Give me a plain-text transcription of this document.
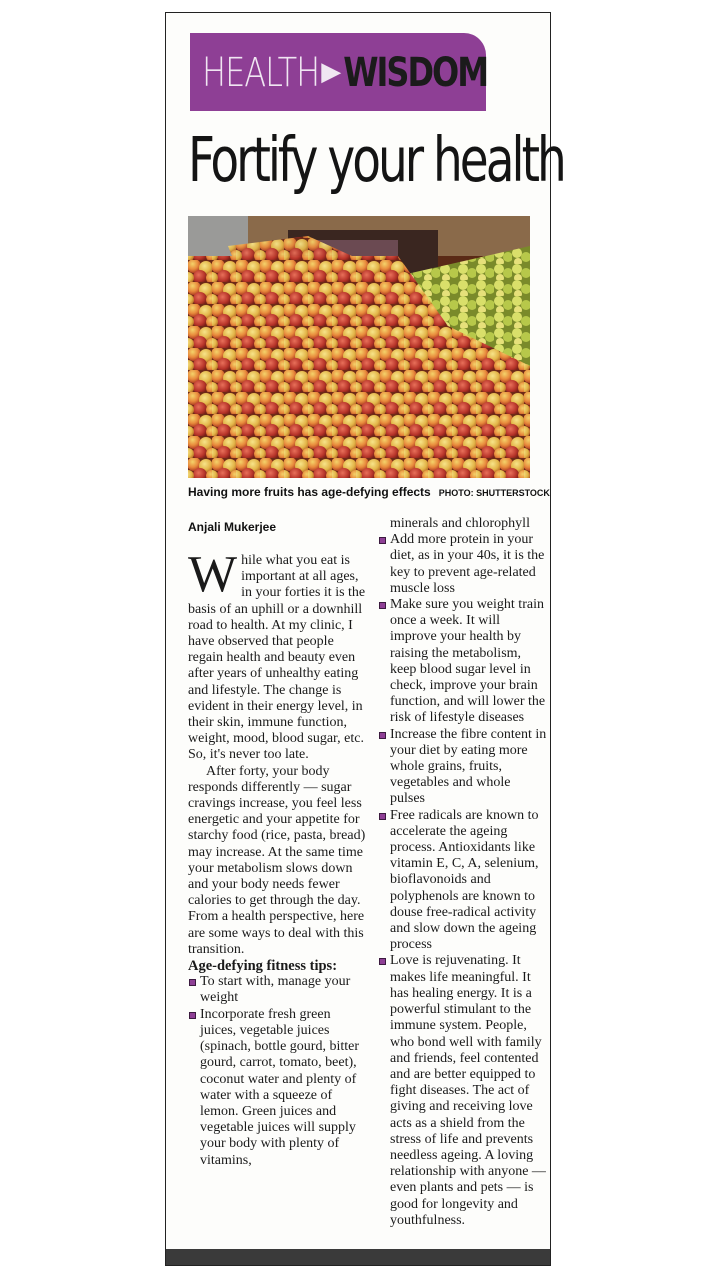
HEALTH ▶ WISDOM
Fortify your health
Having more fruits has age-defying effects PHOTO: SHUTTERSTOCK
Anjali Mukerjee

While what you eat is important at all ages, in your forties it is the basis of an uphill or a downhill road to health. At my clinic, I have observed that people regain health and beauty even after years of unhealthy eating and lifestyle. The change is evident in their energy level, in their skin, immune function, weight, mood, blood sugar, etc. So, it's never too late.

After forty, your body responds differently — sugar cravings increase, you feel less energetic and your appetite for starchy food (rice, pasta, bread) may increase. At the same time your metabolism slows down and your body needs fewer calories to get through the day. From a health perspective, here are some ways to deal with this transition.

Age-defying fitness tips:
To start with, manage your weight
Incorporate fresh green juices, vegetable juices (spinach, bottle gourd, bitter gourd, carrot, tomato, beet), coconut water and plenty of water with a squeeze of lemon. Green juices and vegetable juices will supply your body with plenty of vitamins,

minerals and chlorophyll

Add more protein in your diet, as in your 40s, it is the key to prevent age-related muscle loss
Make sure you weight train once a week. It will improve your health by raising the metabolism, keep blood sugar level in check, improve your brain function, and will lower the risk of lifestyle diseases
Increase the fibre content in your diet by eating more whole grains, fruits, vegetables and whole pulses
Free radicals are known to accelerate the ageing process. Antioxidants like vitamin E, C, A, selenium, bioflavonoids and polyphenols are known to douse free-radical activity and slow down the ageing process
Love is rejuvenating. It makes life meaningful. It has healing energy. It is a powerful stimulant to the immune system. People, who bond well with family and friends, feel contented and are better equipped to fight diseases. The act of giving and receiving love acts as a shield from the stress of life and prevents needless ageing. A loving relationship with anyone — even plants and pets — is good for longevity and youthfulness.
